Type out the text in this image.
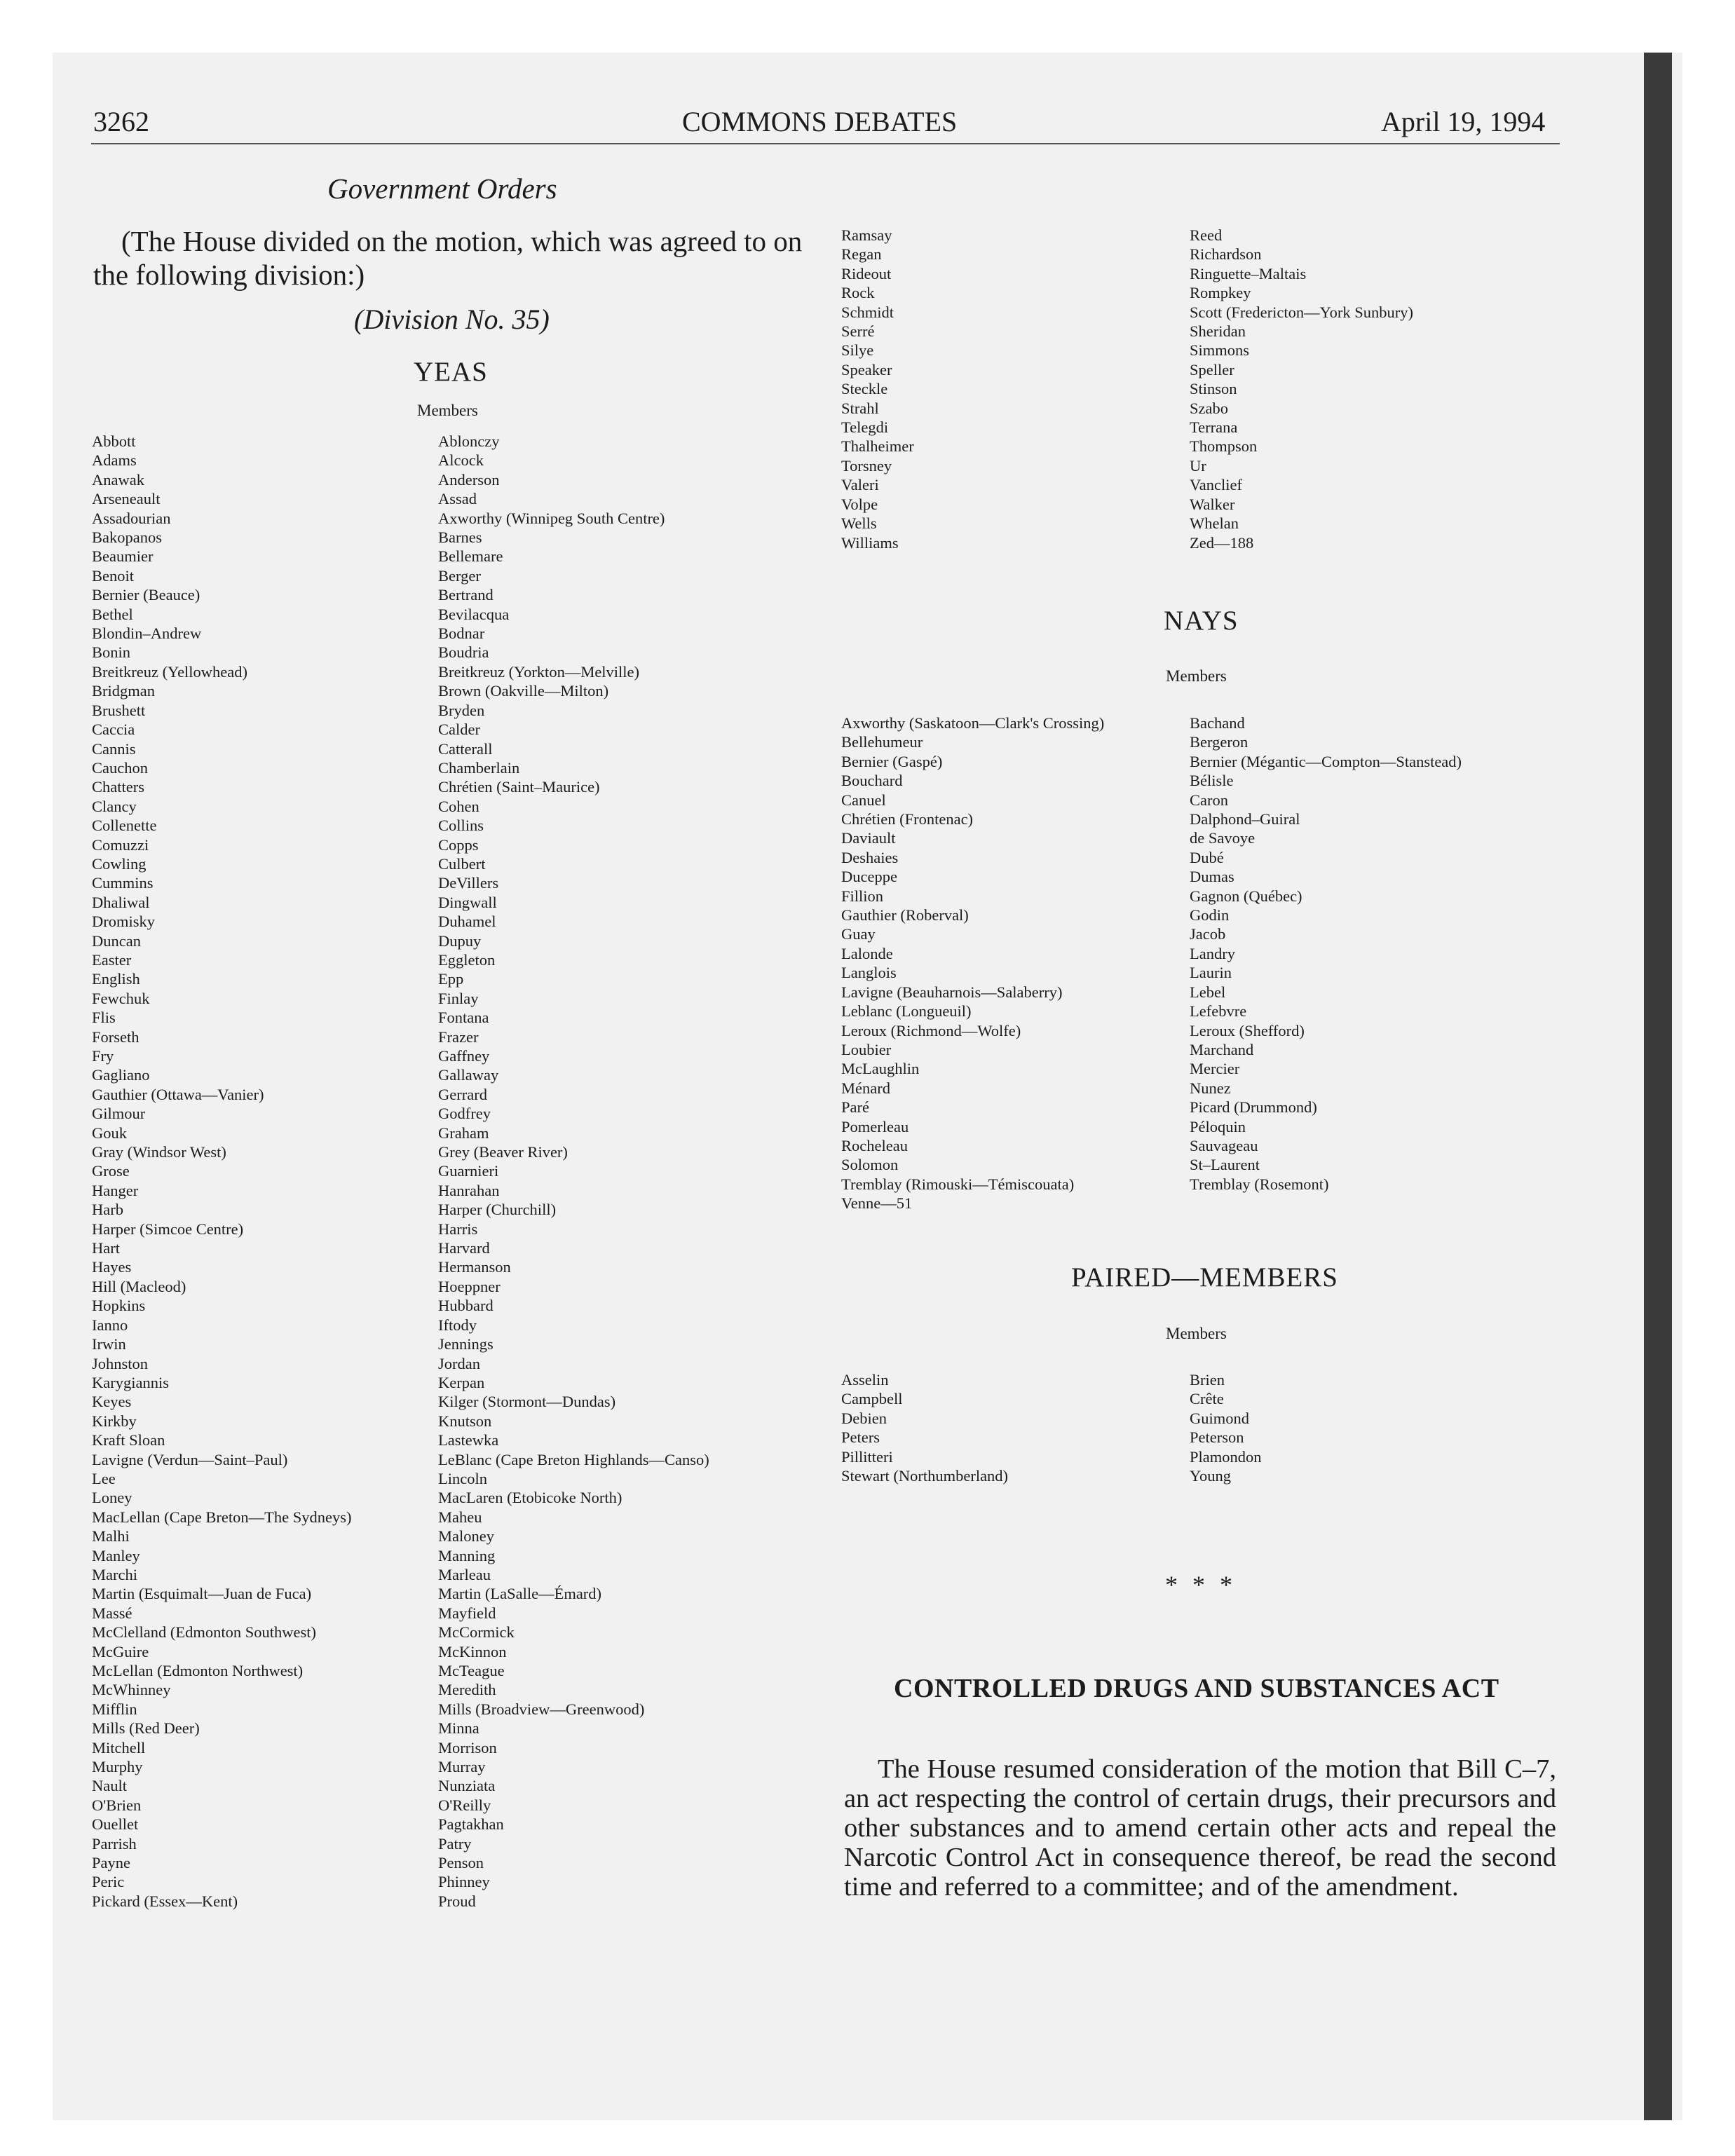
3262	COMMONS DEBATES	April 19, 1994
Government Orders
(The House divided on the motion, which was agreed to on the following division:)
(Division No. 35)
YEAS
Members
Abbott
Adams
Anawak
Arseneault
Assadourian
Bakopanos
Beaumier
Benoit
Bernier (Beauce)
Bethel
Blondin–Andrew
Bonin
Breitkreuz (Yellowhead)
Bridgman
Brushett
Caccia
Cannis
Cauchon
Chatters
Clancy
Collenette
Comuzzi
Cowling
Cummins
Dhaliwal
Dromisky
Duncan
Easter
English
Fewchuk
Flis
Forseth
Fry
Gagliano
Gauthier (Ottawa—Vanier)
Gilmour
Gouk
Gray (Windsor West)
Grose
Hanger
Harb
Harper (Simcoe Centre)
Hart
Hayes
Hill (Macleod)
Hopkins
Ianno
Irwin
Johnston
Karygiannis
Keyes
Kirkby
Kraft Sloan
Lavigne (Verdun—Saint–Paul)
Lee
Loney
MacLellan (Cape Breton—The Sydneys)
Malhi
Manley
Marchi
Martin (Esquimalt—Juan de Fuca)
Massé
McClelland (Edmonton Southwest)
McGuire
McLellan (Edmonton Northwest)
McWhinney
Mifflin
Mills (Red Deer)
Mitchell
Murphy
Nault
O'Brien
Ouellet
Parrish
Payne
Peric
Pickard (Essex—Kent)
Ablonczy
Alcock
Anderson
Assad
Axworthy (Winnipeg South Centre)
Barnes
Bellemare
Berger
Bertrand
Bevilacqua
Bodnar
Boudria
Breitkreuz (Yorkton—Melville)
Brown (Oakville—Milton)
Bryden
Calder
Catterall
Chamberlain
Chrétien (Saint–Maurice)
Cohen
Collins
Copps
Culbert
DeVillers
Dingwall
Duhamel
Dupuy
Eggleton
Epp
Finlay
Fontana
Frazer
Gaffney
Gallaway
Gerrard
Godfrey
Graham
Grey (Beaver River)
Guarnieri
Hanrahan
Harper (Churchill)
Harris
Harvard
Hermanson
Hoeppner
Hubbard
Iftody
Jennings
Jordan
Kerpan
Kilger (Stormont—Dundas)
Knutson
Lastewka
LeBlanc (Cape Breton Highlands—Canso)
Lincoln
MacLaren (Etobicoke North)
Maheu
Maloney
Manning
Marleau
Martin (LaSalle—Émard)
Mayfield
McCormick
McKinnon
McTeague
Meredith
Mills (Broadview—Greenwood)
Minna
Morrison
Murray
Nunziata
O'Reilly
Pagtakhan
Patry
Penson
Phinney
Proud
Ramsay
Regan
Rideout
Rock
Schmidt
Serré
Silye
Speaker
Steckle
Strahl
Telegdi
Thalheimer
Torsney
Valeri
Volpe
Wells
Williams
Reed
Richardson
Ringuette–Maltais
Rompkey
Scott (Fredericton—York Sunbury)
Sheridan
Simmons
Speller
Stinson
Szabo
Terrana
Thompson
Ur
Vanclief
Walker
Whelan
Zed—188
NAYS
Members
Axworthy (Saskatoon—Clark's Crossing)
Bellehumeur
Bernier (Gaspé)
Bouchard
Canuel
Chrétien (Frontenac)
Daviault
Deshaies
Duceppe
Fillion
Gauthier (Roberval)
Guay
Lalonde
Langlois
Lavigne (Beauharnois—Salaberry)
Leblanc (Longueuil)
Leroux (Richmond—Wolfe)
Loubier
McLaughlin
Ménard
Paré
Pomerleau
Rocheleau
Solomon
Tremblay (Rimouski—Témiscouata)
Venne—51
Bachand
Bergeron
Bernier (Mégantic—Compton—Stanstead)
Bélisle
Caron
Dalphond–Guiral
de Savoye
Dubé
Dumas
Gagnon (Québec)
Godin
Jacob
Landry
Laurin
Lebel
Lefebvre
Leroux (Shefford)
Marchand
Mercier
Nunez
Picard (Drummond)
Péloquin
Sauvageau
St–Laurent
Tremblay (Rosemont)
PAIRED—MEMBERS
Members
Asselin
Campbell
Debien
Peters
Pillitteri
Stewart (Northumberland)
Brien
Crête
Guimond
Peterson
Plamondon
Young
* * *
CONTROLLED DRUGS AND SUBSTANCES ACT
The House resumed consideration of the motion that Bill C–7, an act respecting the control of certain drugs, their precursors and other substances and to amend certain other acts and repeal the Narcotic Control Act in consequence thereof, be read the second time and referred to a committee; and of the amendment.
